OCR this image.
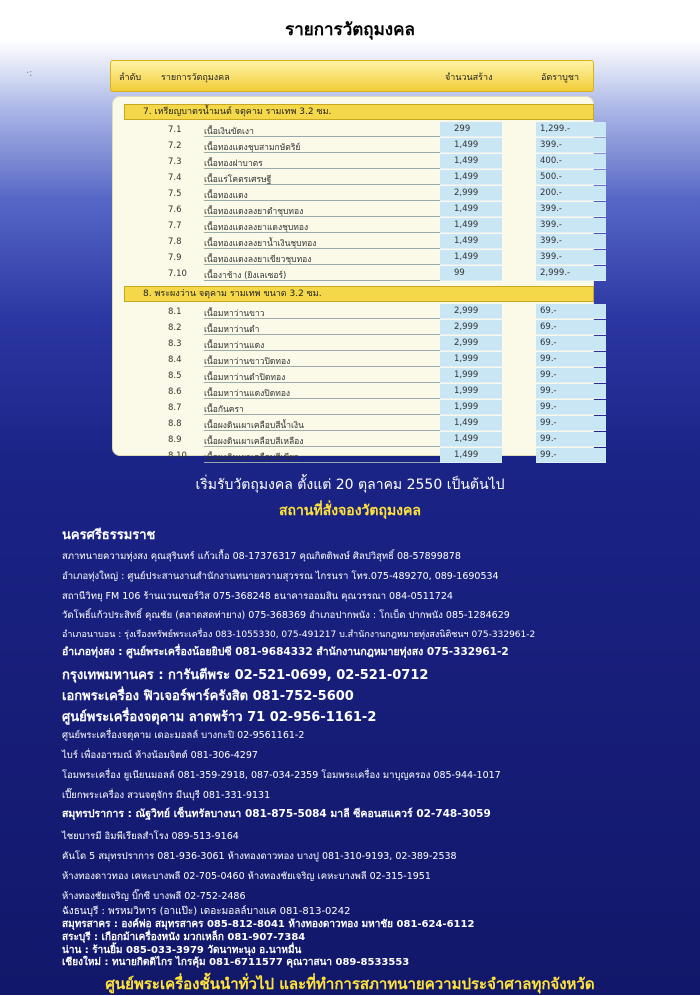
รายการวัตถุมงคล
·:	ลำดับ รายการวัตถุมงคล	จำนวนสร้าง	อัตราบูชา
7. เหรียญบาตรน้ำมนต์ จตุคาม รามเทพ 3.2 ซม.
7.1	เนื้อเงินขัดเงา	299	1,299.-
7.2	เนื้อทองแดงชุบสามกษัตริย์	1,499	399.-
7.3	เนื้อทองฝาบาตร	1,499	400.-
7.4	เนื้อแร่โคตรเศรษฐี	1,499	500.-
7.5	เนื้อทองแดง	2,999	200.-
7.6	เนื้อทองแดงลงยาดำชุบทอง	1,499	399.-
7.7	เนื้อทองแดงลงยาแดงชุบทอง	1,499	399.-
7.8	เนื้อทองแดงลงยาน้ำเงินชุบทอง	1,499	399.-
7.9	เนื้อทองแดงลงยาเขียวชุบทอง	1,499	399.-
7.10 เนื้องาช้าง (ยิงเลเซอร์)	99	2,999.-
8. พระผงว่าน จตุคาม รามเทพ ขนาด 3.2 ซม.
8.1	เนื้อมหาว่านขาว	2,999	69.-
8.2	เนื้อมหาว่านดำ	2,999	69.-
8.3	เนื้อมหาว่านแดง	2,999	69.-
8.4	เนื้อมหาว่านขาวปิดทอง	1,999	99.-
8.5	เนื้อมหาว่านดำปิดทอง	1,999	99.-
8.6	เนื้อมหาว่านแดงปิดทอง	1,999	99.-
8.7	เนื้อกันครา	1,999	99.-
8.8	เนื้อผงดินเผาเคลือบสีน้ำเงิน	1,499	99.-
8.9	เนื้อผงดินเผาเคลือบสีเหลือง	1,499	99.-
8.10 เนื้อผงดินเผาเคลือบสีเขียว	1,499	99.-
เริ่มรับวัตถุมงคล ตั้งแต่ 20 ตุลาคม 2550 เป็นต้นไป
สถานที่สั่งจองวัตถุมงคล
นครศรีธรรมราช
สภาทนายความทุ่งสง คุณสุรินทร์ แก้วเกื้อ 08-17376317 คุณกิตติพงษ์ ศิลปวิสุทธิ์ 08-57899878
อำเภอทุ่งใหญ่ : ศูนย์ประสานงานสำนักงานทนายความสุวรรณ ไกรนรา โทร.075-489270, 089-1690534
สถานีวิทยุ FM 106 ร้านแวนเซอร์วิส 075-368248 ธนาคารออมสิน คุณวรรณา 084-0511724
วัดโพธิ์แก้วประสิทธิ์ คุณชัย (ตลาดสดท่ายาง) 075-368369 อำเภอปากพนัง : โกเบ็ด ปากพนัง 085-1284629
อำเภอนาบอน : รุ่งเรืองทรัพย์พระเครื่อง 083-1055330, 075-491217 บ.สำนักงานกฎหมายทุ่งสงนิติชนฯ 075-332961-2
อำเภอทุ่งสง : ศูนย์พระเครื่องน้อยยิปซี 081-9684332 สำนักงานกฎหมายทุ่งสง 075-332961-2
กรุงเทพมหานคร : การันตีพระ 02-521-0699, 02-521-0712
เอกพระเครื่อง ฟิวเจอร์พาร์ครังสิต 081-752-5600
ศูนย์พระเครื่องจตุคาม ลาดพร้าว 71 02-956-1161-2
ศูนย์พระเครื่องจตุคาม เดอะมอลล์ บางกะปิ 02-9561161-2
ไบร์ เพื่องอารมณ์ ห้างน้อมจิตต์ 081-306-4297
โอมพระเครื่อง ยูเนียนมอลล์ 081-359-2918, 087-034-2359 โอมพระเครื่อง มาบุญครอง 085-944-1017
เปี๊ยกพระเครื่อง สวนจตุจักร มีนบุรี 081-331-9131
สมุทรปราการ : ณัฐวิทย์ เซ็นทรัลบางนา 081-875-5084 มาลี ซีคอนสแควร์ 02-748-3059
ไชยบารมี อิมพีเรียลสำโรง 089-513-9164
คันโด 5 สมุทรปราการ 081-936-3061 ห้างทองดาวทอง บางปู 081-310-9193, 02-389-2538
ห้างทองดาวทอง เคหะบางพลี 02-705-0460 ห้างทองชัยเจริญ เคหะบางพลี 02-315-1951
ห้างทองชัยเจริญ บิ๊กซี บางพลี 02-752-2486
ฉังธนบุรี : พรหมวิหาร (อาแป๊ะ) เดอะมอลล์บางแค 081-813-0242
สมุทรสาคร : องค์พ่อ สมุทรสาคร 085-812-8041 ห้างทองดาวทอง มหาชัย 081-624-6112
สระบุรี : เกือกม้าเครื่องหนัง มวกเหล็ก 081-907-7384
น่าน : ร้านยิ้ม 085-033-3979 วัดนาทะนุง อ.นาหมื่น
เชียงใหม่ : ทนายกิตติไกร ไกรคุ้ม 081-6711577 คุณวาสนา 089-8533553
ศูนย์พระเครื่องชั้นนำทั่วไป และที่ทำการสภาทนายความประจำศาลทุกจังหวัด
